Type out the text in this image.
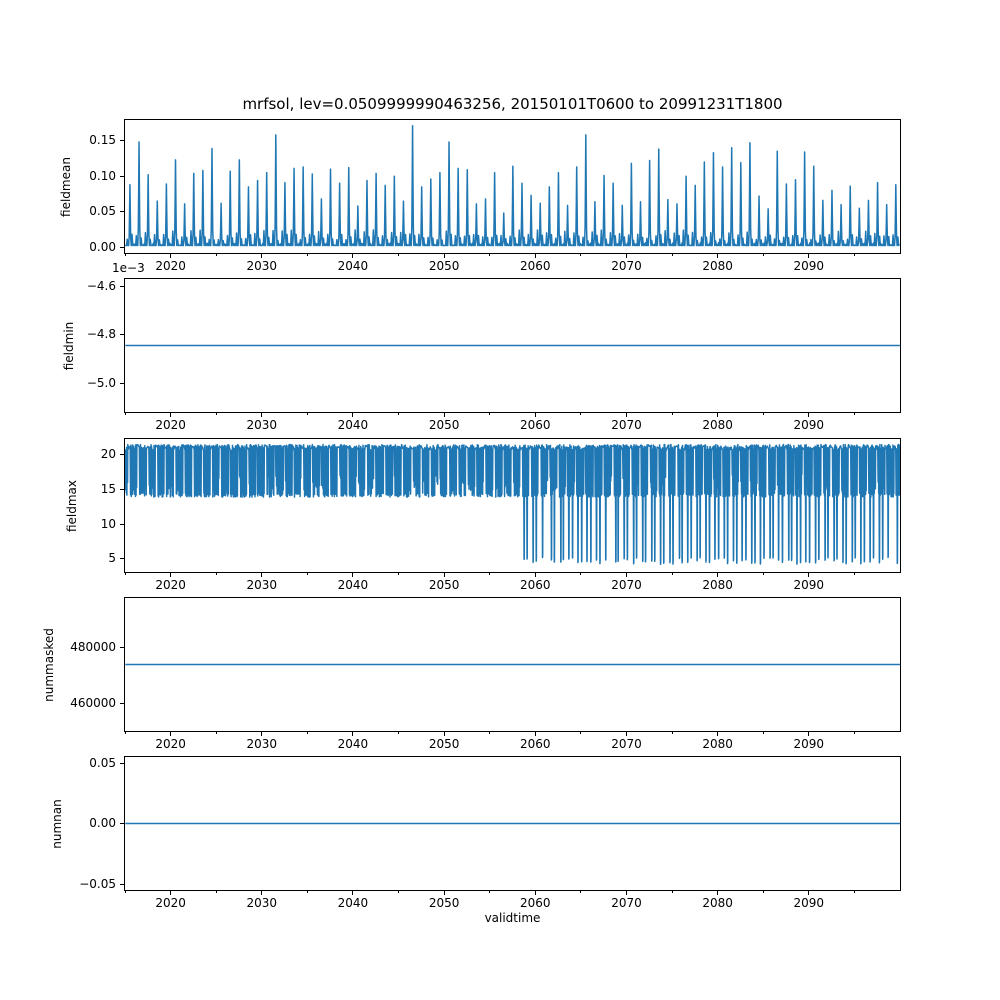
mrfsol, lev=0.0509999990463256, 20150101T0600 to 20991231T1800
fieldmean
fieldmin
fieldmax
nummasked
numnan
1e−3
validtime
0.00
0.05
0.10
0.15
2020	2030	2040	2050	2060	2070	2080	2090
−4.6
−4.8
−5.0
2020	2030	2040	2050	2060	2070	2080	2090
5
10
15
20
2020	2030	2040	2050	2060	2070	2080	2090
460000
480000
2020	2030	2040	2050	2060	2070	2080	2090
−0.05
0.00
0.05
2020	2030	2040	2050	2060	2070	2080	2090
